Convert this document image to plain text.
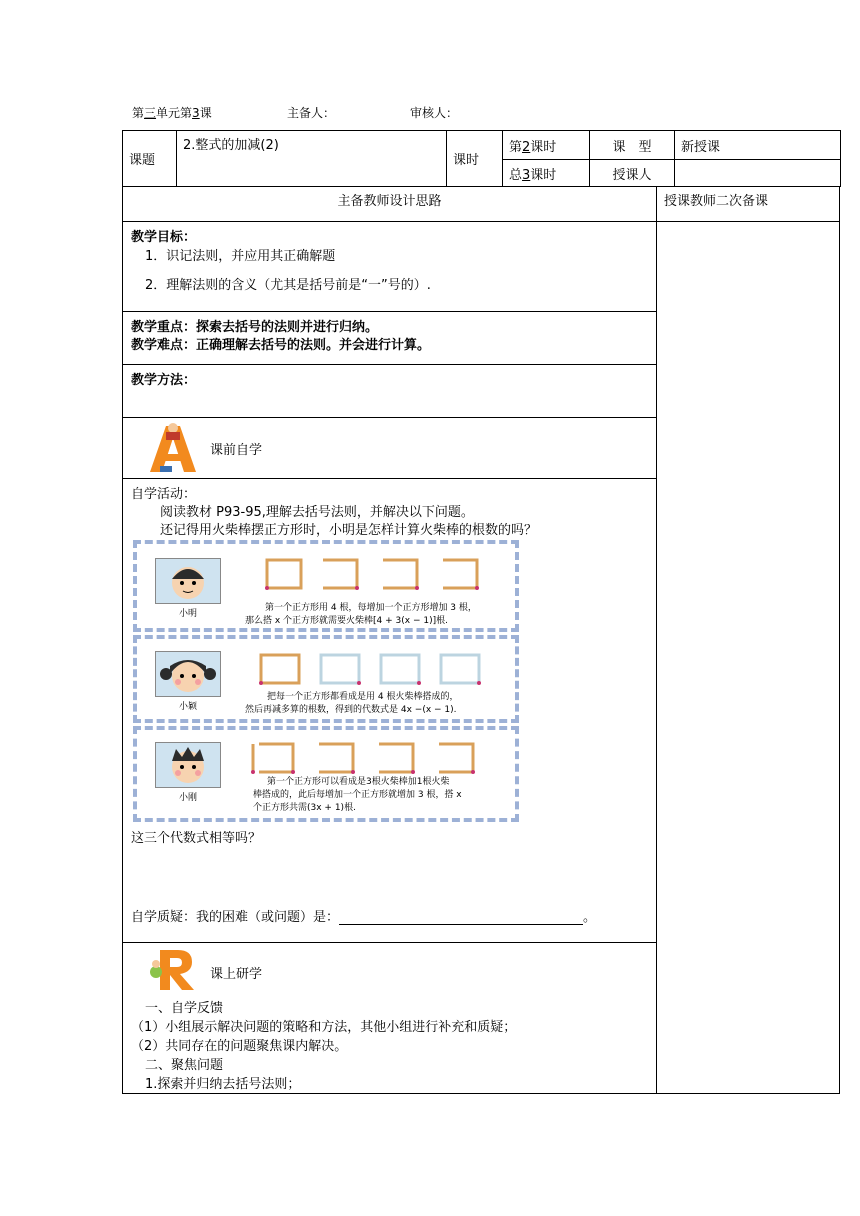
第三单元第3课	主备人：	审核人：
课题	2.整式的加减(2)	课时	第2课时	课　型	新授课
			总3课时	授课人	
主备教师设计思路	授课教师二次备课
教学目标：
1．识记法则，并应用其正确解题
2．理解法则的含义（尤其是括号前是“一”号的）.
教学重点：探索去括号的法则并进行归纳。
教学难点：正确理解去括号的法则。并会进行计算。
教学方法：
课前自学
自学活动：
阅读教材 P93-95,理解去括号法则，并解决以下问题。
还记得用火柴棒摆正方形时，小明是怎样计算火柴棒的根数的吗？
小明
第一个正方形用 4 根，每增加一个正方形增加 3 根，
那么搭 x 个正方形就需要火柴棒[4 + 3(x − 1)]根.
小颖
把每一个正方形都看成是用 4 根火柴棒搭成的，
然后再减多算的根数，得到的代数式是 4x −(x − 1).
小刚
第一个正方形可以看成是3根火柴棒加1根火柴
棒搭成的，此后每增加一个正方形就增加 3 根，搭 x
个正方形共需(3x + 1)根.
这三个代数式相等吗？
自学质疑：我的困难（或问题）是：	。
课上研学
一、自学反馈
（1）小组展示解决问题的策略和方法，其他小组进行补充和质疑；
（2）共同存在的问题聚焦课内解决。
二、聚焦问题
1.探索并归纳去括号法则；
